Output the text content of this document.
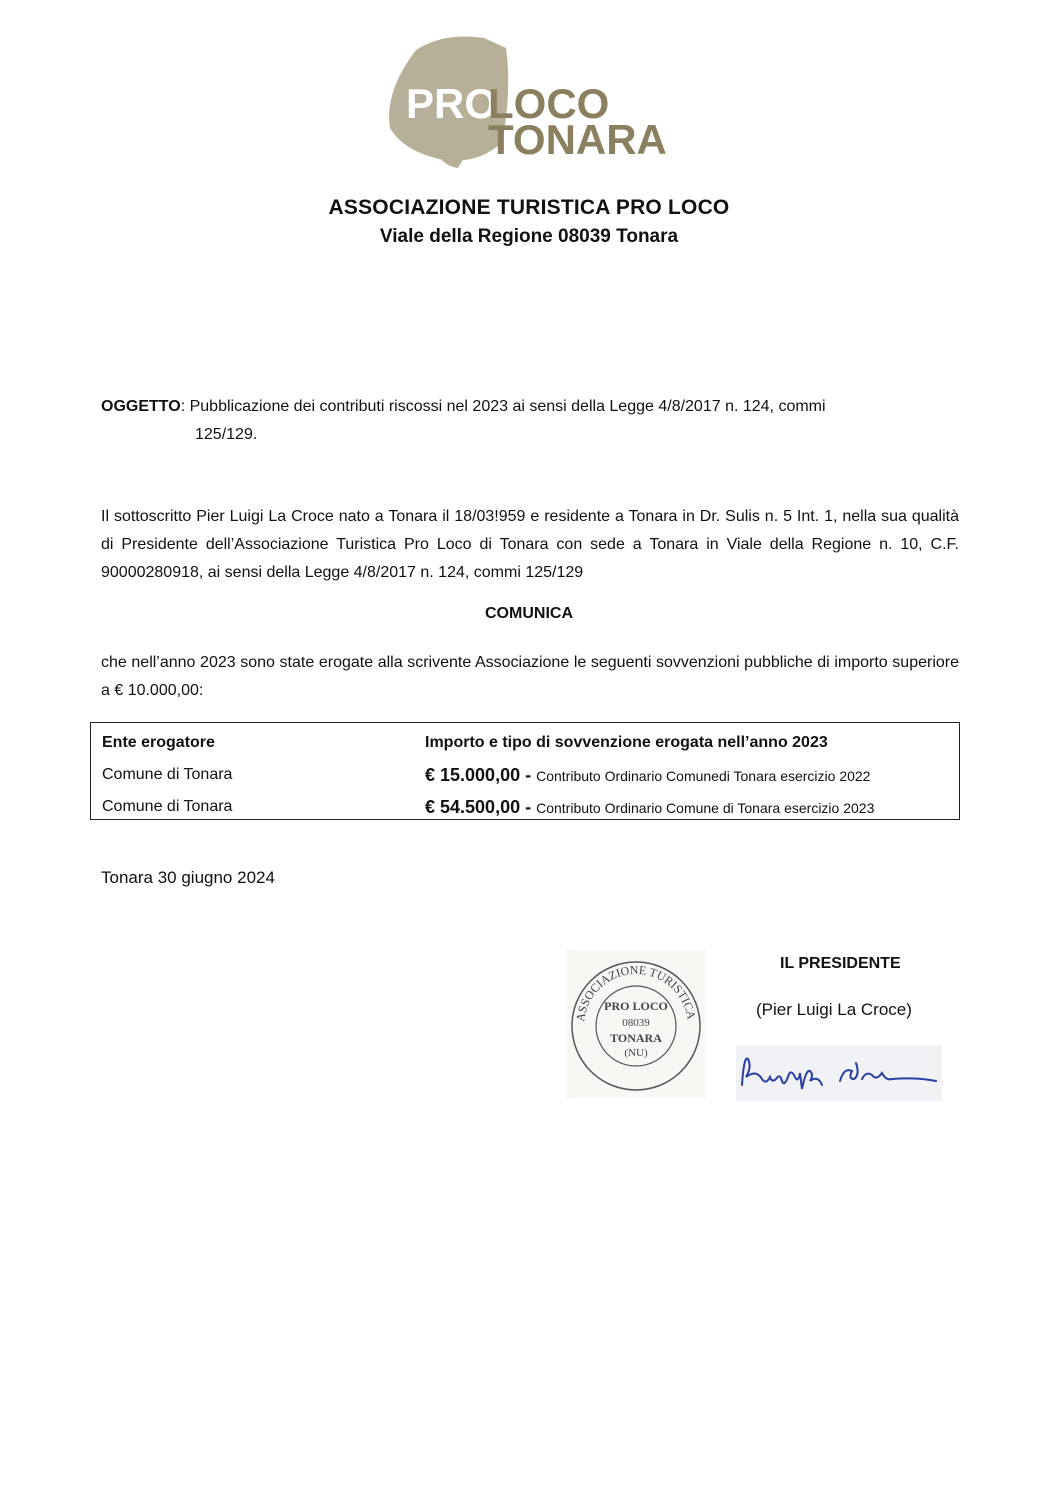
PRO
LOCO
TONARA
ASSOCIAZIONE TURISTICA PRO LOCO
Viale della Regione 08039 Tonara
OGGETTO: Pubblicazione dei contributi riscossi nel 2023 ai sensi della Legge 4/8/2017 n. 124, commi
125/129.
Il sottoscritto Pier Luigi La Croce nato a Tonara il 18/03!959 e residente a Tonara in Dr. Sulis n. 5 Int. 1, nella sua qualità di Presidente dell’Associazione Turistica Pro Loco di Tonara con sede a Tonara in Viale della Regione n. 10, C.F. 90000280918, ai sensi della Legge 4/8/2017 n. 124, commi 125/129
COMUNICA
che nell’anno 2023 sono state erogate alla scrivente Associazione le seguenti sovvenzioni pubbliche di importo superiore a € 10.000,00:
Ente erogatore	Importo e tipo di sovvenzione erogata nell’anno 2023
Comune di Tonara	€ 15.000,00 - Contributo Ordinario Comunedi Tonara esercizio 2022
Comune di Tonara	€ 54.500,00 - Contributo Ordinario Comune di Tonara esercizio 2023
Tonara 30 giugno 2024
ASSOCIAZIONE TURISTICA
PRO LOCO
08039
TONARA
(NU)
IL PRESIDENTE
(Pier Luigi La Croce)
